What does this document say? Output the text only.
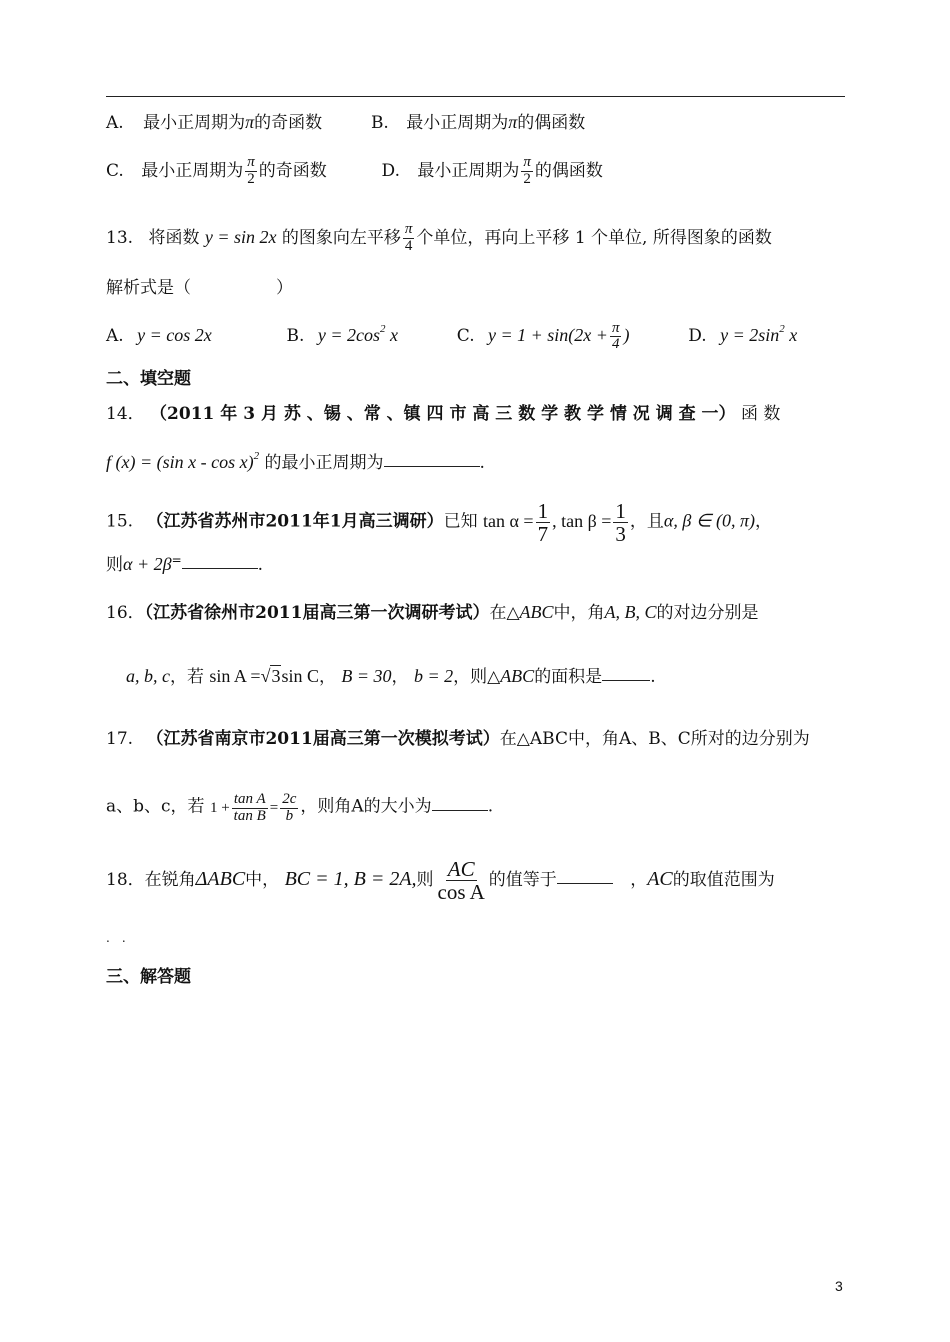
A. 最小正周期为π的奇函数	B. 最小正周期为π的偶函数
C. 最小正周期为 $\frac{\pi}{2}$ 的奇函数	D. 最小正周期为 $\frac{\pi}{2}$ 的偶函数
13. 将函数 y = sin 2x 的图象向左平移 $\frac{\pi}{4}$ 个单位，再向上平移 1 个单位, 所得图象的函数
解析式是（　　　　　）
A. y = cos 2x	B. $y = 2\cos^2$ x	C. $y = 1 + \sin(2x + \frac{\pi}{4}$ )	D. $y = 2\sin^2$ x
二、填空题
14． （2011 年 3 月 苏 、锡 、常 、镇 四 市 高 三 数 学 教 学 情 况 调 查 一） 函 数
f (x) = (sin x - cos x)$^2$ 的最小正周期为	.
15. （江苏省苏州市2011年1月高三调研）已知 $\tan \alpha = \frac{1}{7}$ , $\tan \beta = \frac{1}{3}$ ，且α, β ∈ (0, π)，
则α + 2β=	.
16．（江苏省徐州市2011届高三第一次调研考试）在△ABC中，角A, B, C的对边分别是
a, b, c，若 sin A =√3sin C， B = 30， b = 2，则△ABC的面积是	.
17. （江苏省南京市2011届高三第一次模拟考试）在△ABC中，角A、B、C所对的边分别为
a、b、c，若 $1 + \frac{\text{tan A}}{\text{tan B}} = \frac{2c}{b}$ ，则角A的大小为	.
18．在锐角ΔABC中， BC = 1, B = 2A,则 $\frac{AC}{\text{cos A}}$ 的值等于	，AC的取值范围为
.　.
三、解答题
3
